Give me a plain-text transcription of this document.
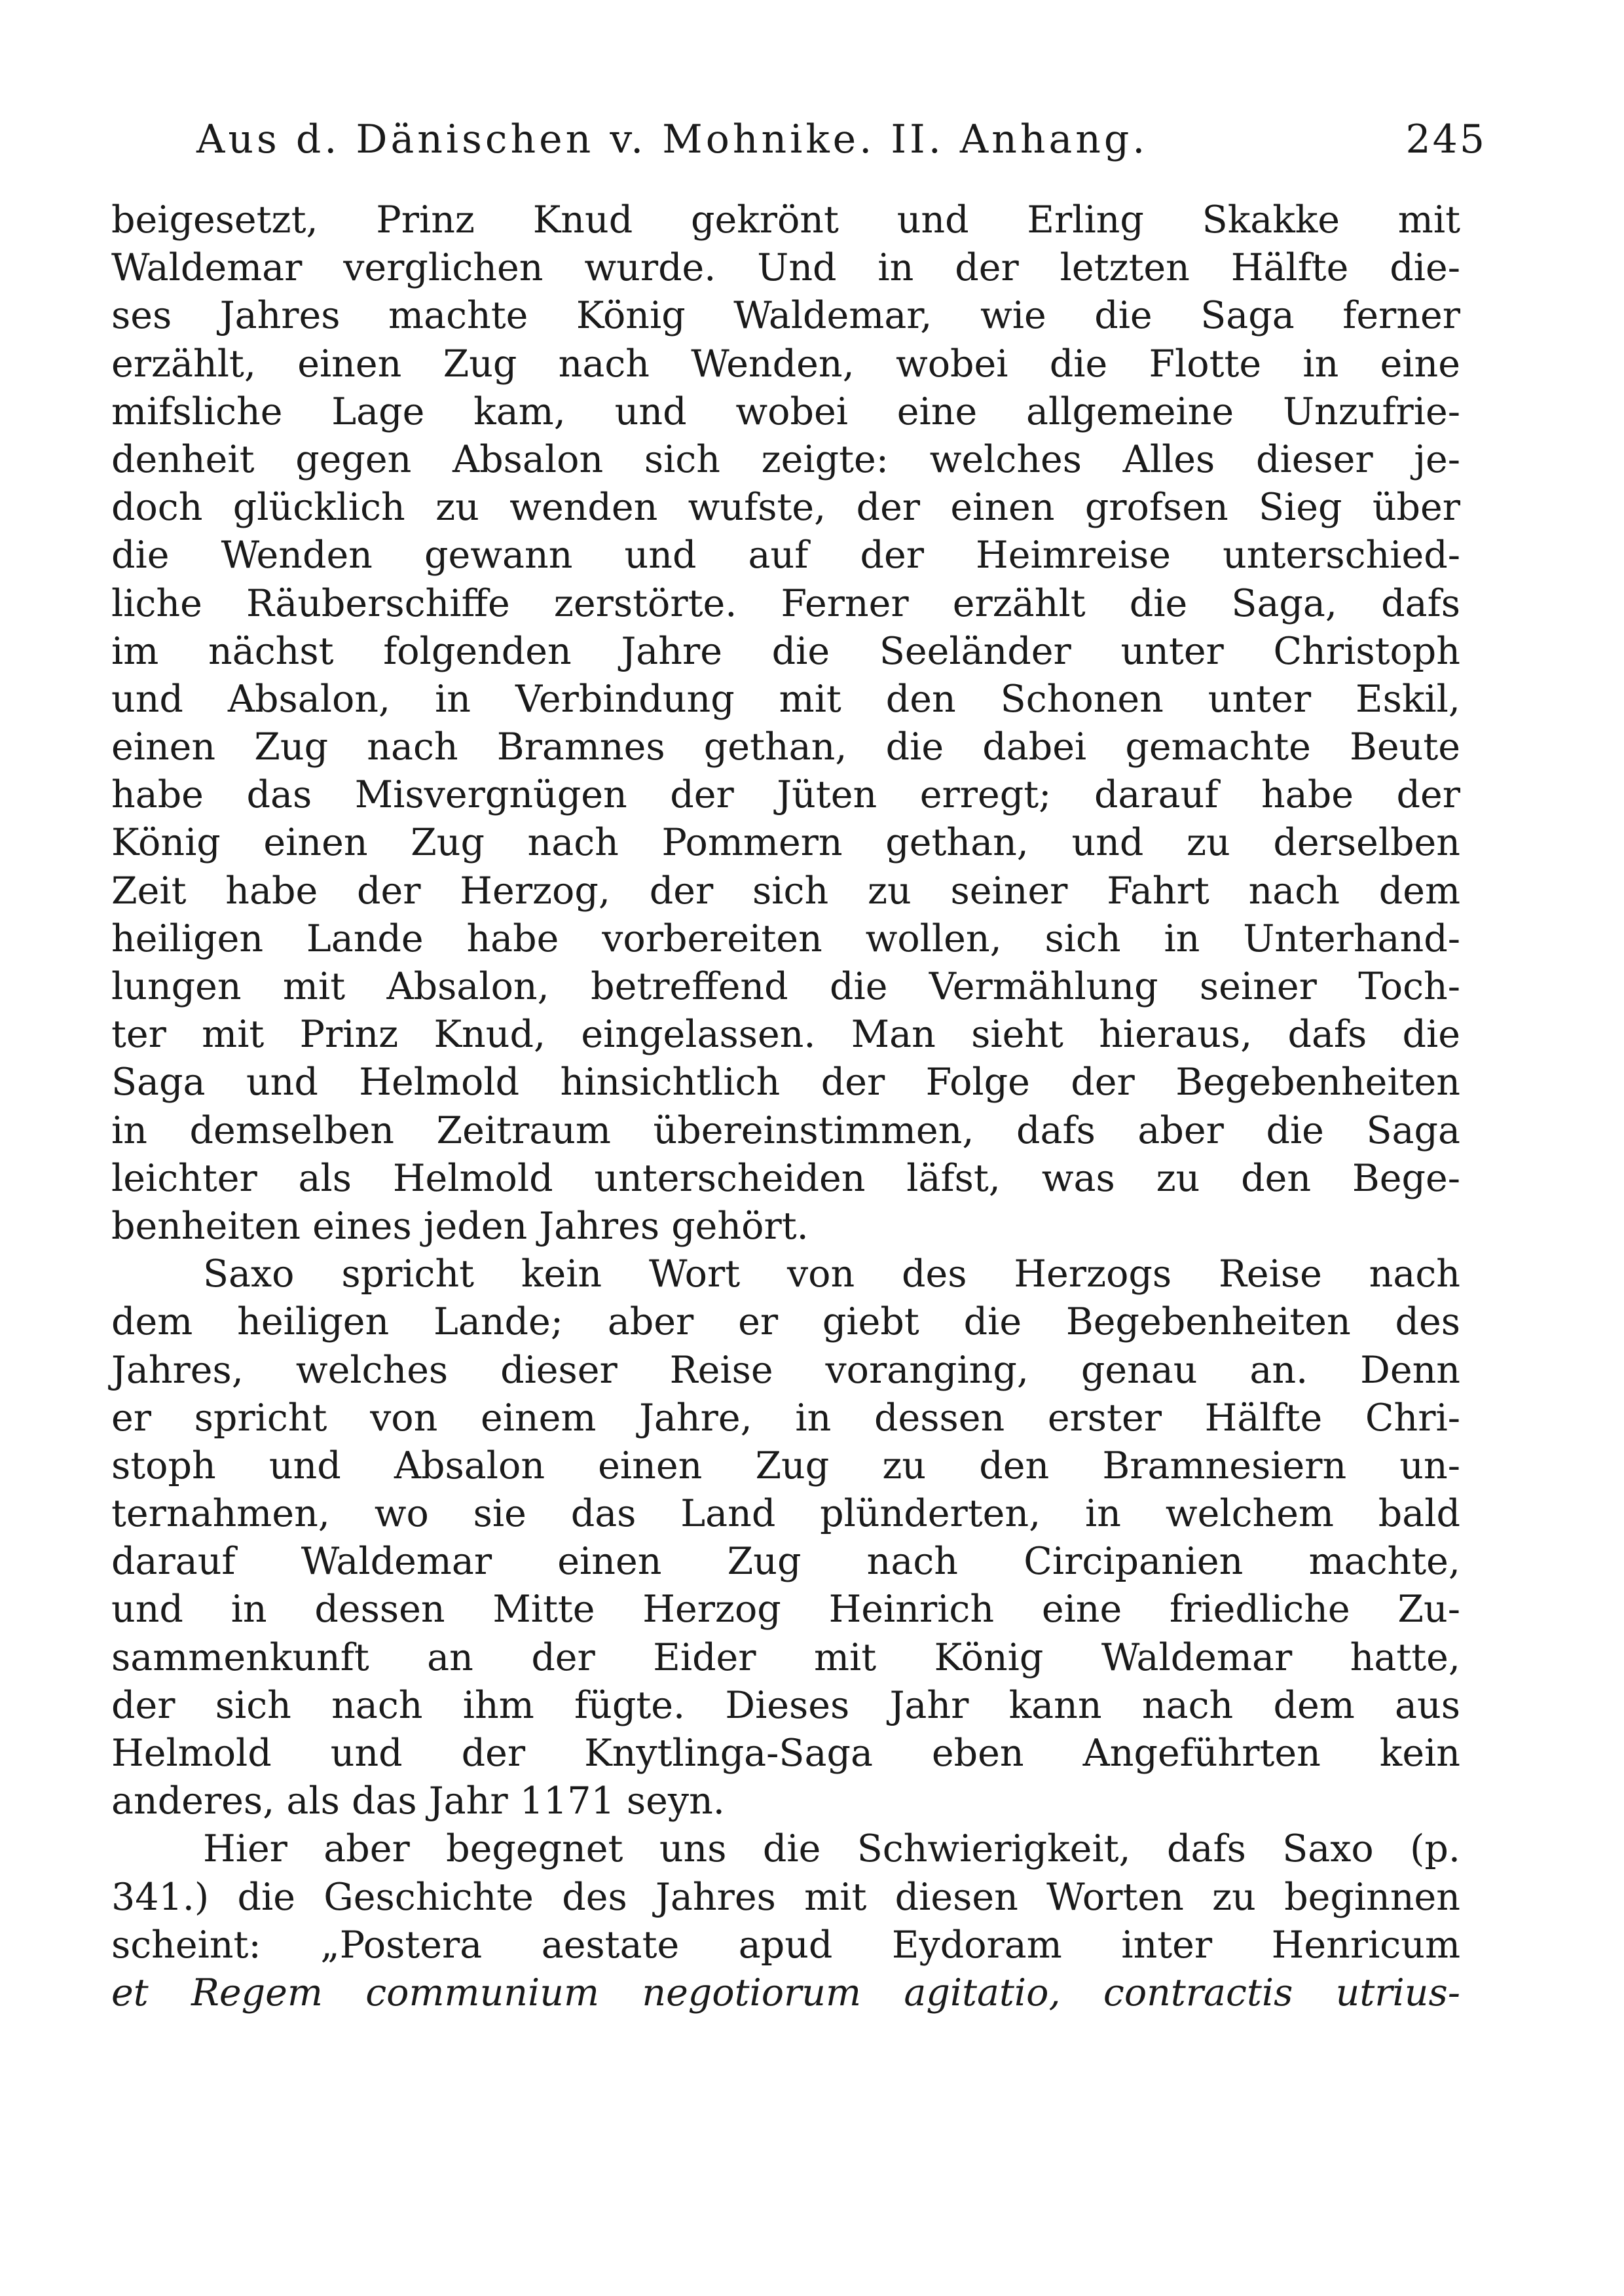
Aus d. Dänischen v. Mohnike. II. Anhang.	245
beigesetzt, Prinz Knud gekrönt und Erling Skakke mit
Waldemar verglichen wurde. Und in der letzten Hälfte die-
ses Jahres machte König Waldemar, wie die Saga ferner
erzählt, einen Zug nach Wenden, wobei die Flotte in eine
mifsliche Lage kam, und wobei eine allgemeine Unzufrie-
denheit gegen Absalon sich zeigte: welches Alles dieser je-
doch glücklich zu wenden wufste, der einen grofsen Sieg über
die Wenden gewann und auf der Heimreise unterschied-
liche Räuberschiffe zerstörte. Ferner erzählt die Saga, dafs
im nächst folgenden Jahre die Seeländer unter Christoph
und Absalon, in Verbindung mit den Schonen unter Eskil,
einen Zug nach Bramnes gethan, die dabei gemachte Beute
habe das Misvergnügen der Jüten erregt; darauf habe der
König einen Zug nach Pommern gethan, und zu derselben
Zeit habe der Herzog, der sich zu seiner Fahrt nach dem
heiligen Lande habe vorbereiten wollen, sich in Unterhand-
lungen mit Absalon, betreffend die Vermählung seiner Toch-
ter mit Prinz Knud, eingelassen. Man sieht hieraus, dafs die
Saga und Helmold hinsichtlich der Folge der Begebenheiten
in demselben Zeitraum übereinstimmen, dafs aber die Saga
leichter als Helmold unterscheiden läfst, was zu den Bege-
benheiten eines jeden Jahres gehört.
Saxo spricht kein Wort von des Herzogs Reise nach
dem heiligen Lande; aber er giebt die Begebenheiten des
Jahres, welches dieser Reise voranging, genau an. Denn
er spricht von einem Jahre, in dessen erster Hälfte Chri-
stoph und Absalon einen Zug zu den Bramnesiern un-
ternahmen, wo sie das Land plünderten, in welchem bald
darauf Waldemar einen Zug nach Circipanien machte,
und in dessen Mitte Herzog Heinrich eine friedliche Zu-
sammenkunft an der Eider mit König Waldemar hatte,
der sich nach ihm fügte. Dieses Jahr kann nach dem aus
Helmold und der Knytlinga-Saga eben Angeführten kein
anderes, als das Jahr 1171 seyn.
Hier aber begegnet uns die Schwierigkeit, dafs Saxo (p.
341.) die Geschichte des Jahres mit diesen Worten zu beginnen
scheint: „Postera aestate apud Eydoram inter Henricum
et Regem communium negotiorum agitatio, contractis utrius-
